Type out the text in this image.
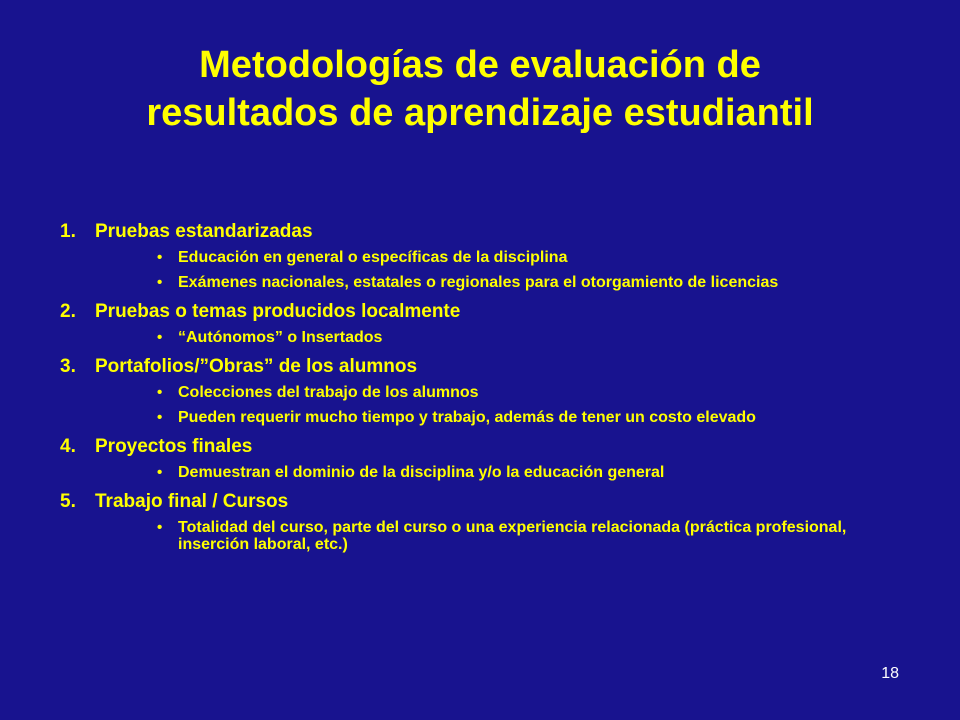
Metodologías de evaluación de
resultados de aprendizaje estudiantil
1. Pruebas estandarizadas
• Educación en general o específicas de la disciplina
• Exámenes nacionales, estatales o regionales para el otorgamiento de licencias
2. Pruebas o temas producidos localmente
• “Autónomos” o Insertados
3. Portafolios/”Obras” de los alumnos
• Colecciones del trabajo de los alumnos
• Pueden requerir mucho tiempo y trabajo, además de tener un costo elevado
4. Proyectos finales
• Demuestran el dominio de la disciplina y/o la educación general
5. Trabajo final / Cursos
• Totalidad del curso, parte del curso o una experiencia relacionada (práctica profesional, inserción laboral, etc.)
18
